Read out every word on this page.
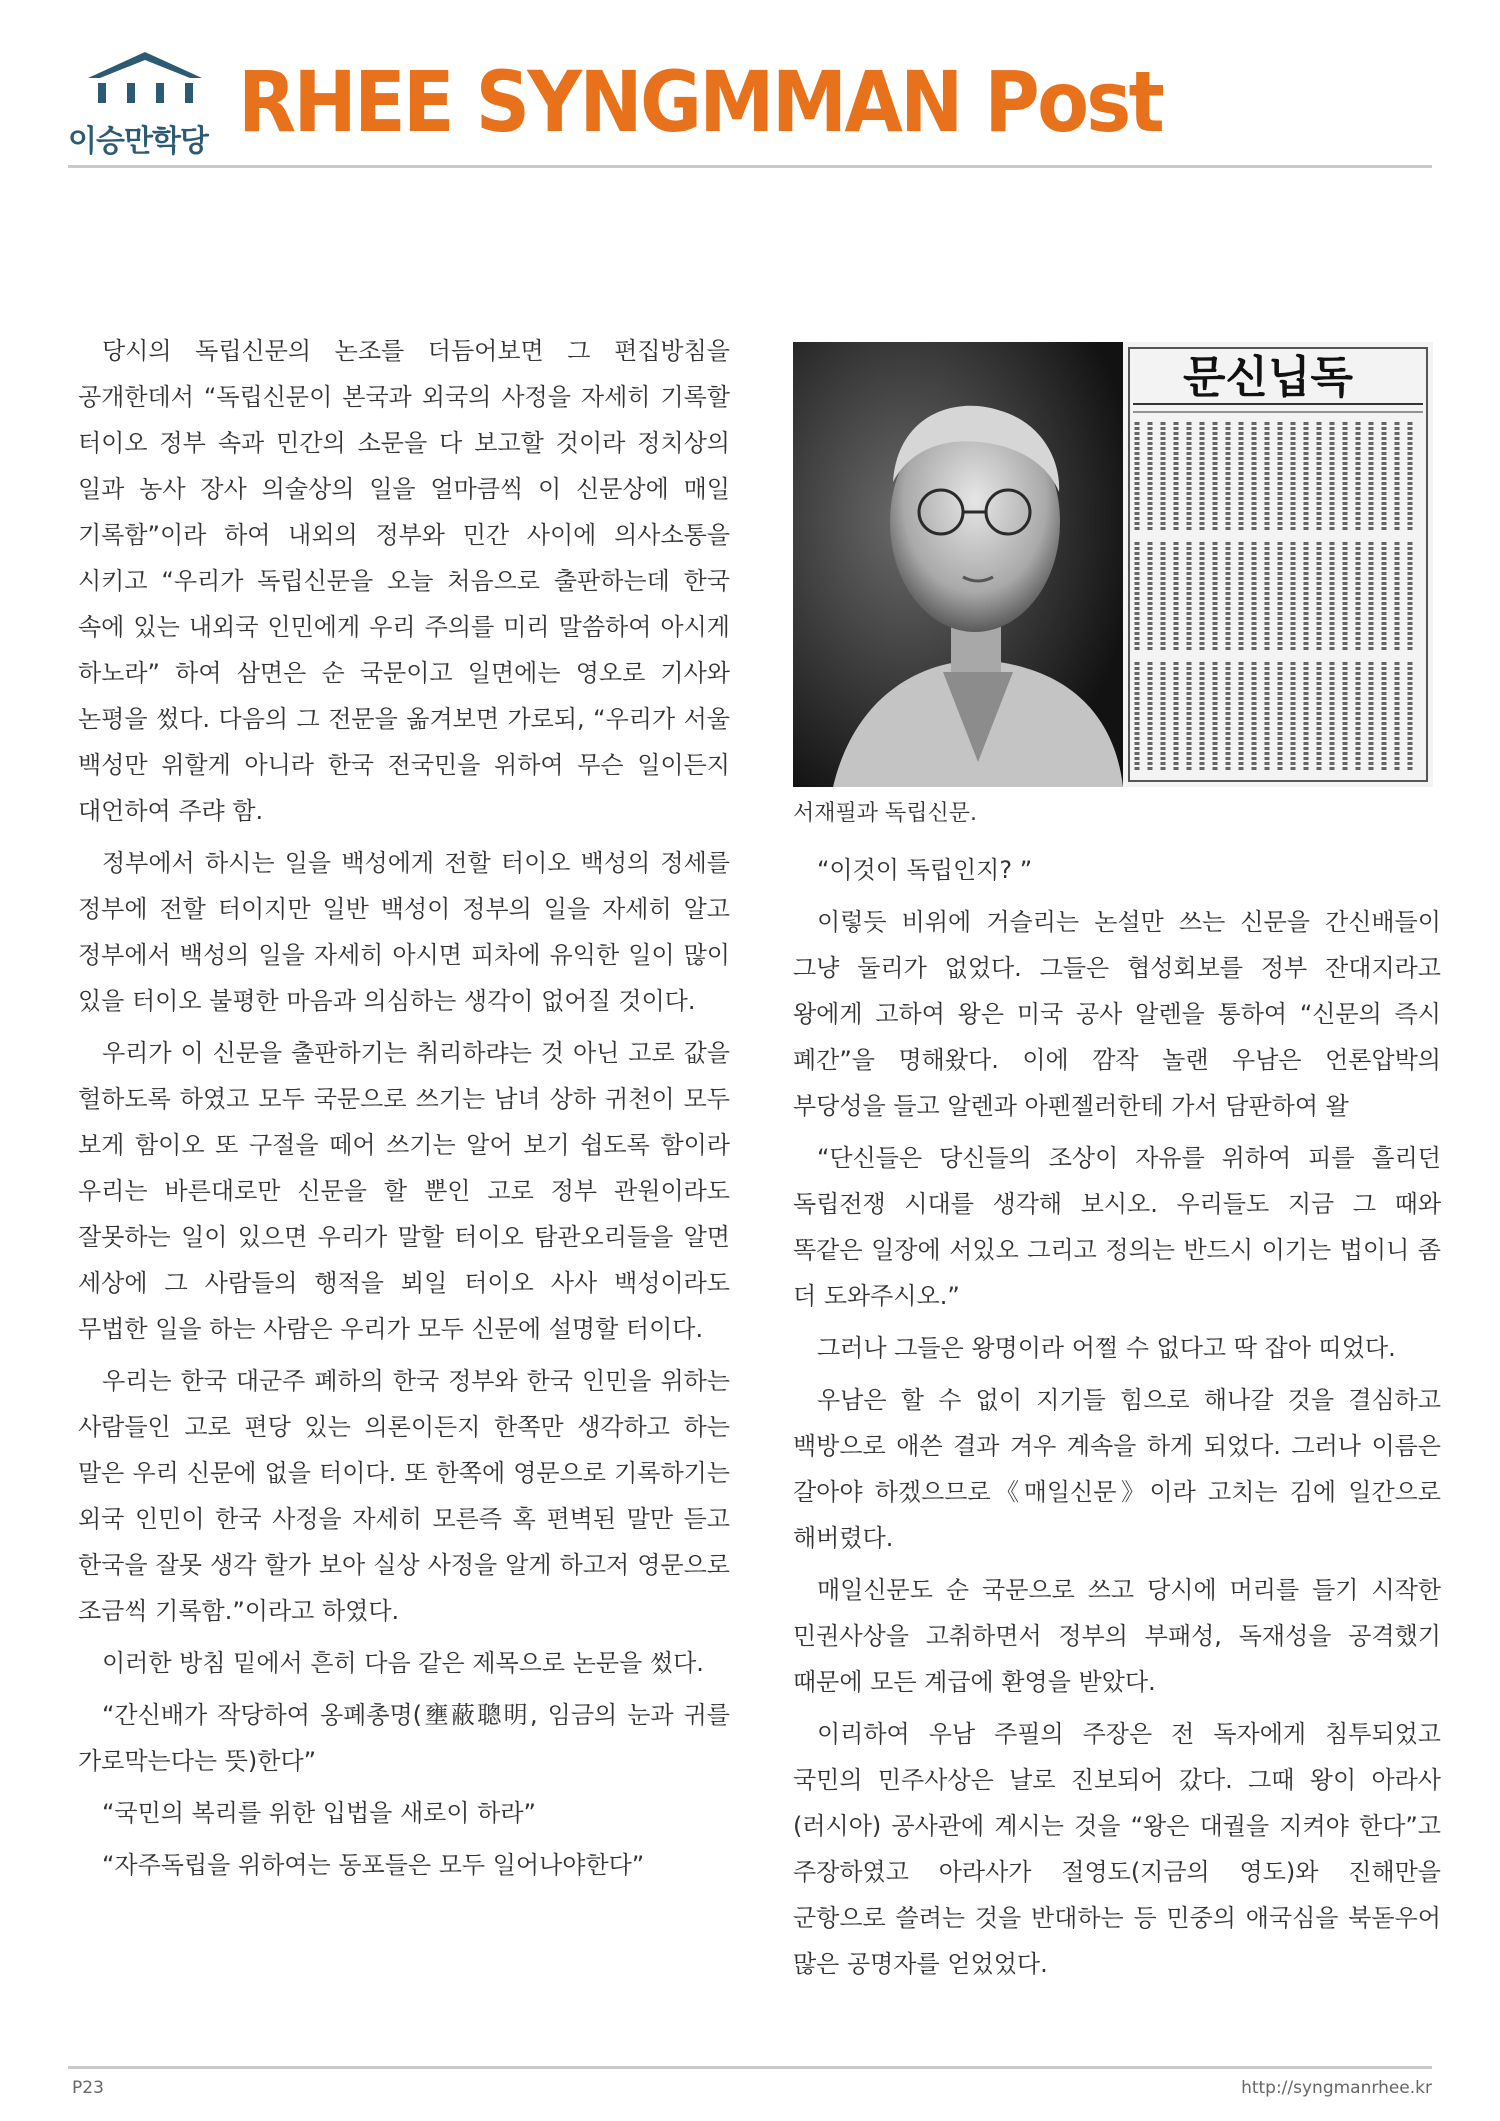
이승만학당 RHEE SYNGMMAN Post

당시의 독립신문의 논조를 더듬어보면 그 편집방침을 공개한데서 “독립신문이 본국과 외국의 사정을 자세히 기록할 터이오 정부 속과 민간의 소문을 다 보고할 것이라 정치상의 일과 농사 장사 의술상의 일을 얼마큼씩 이 신문상에 매일 기록함”이라 하여 내외의 정부와 민간 사이에 의사소통을 시키고 “우리가 독립신문을 오늘 처음으로 출판하는데 한국 속에 있는 내외국 인민에게 우리 주의를 미리 말씀하여 아시게 하노라” 하여 삼면은 순 국문이고 일면에는 영오로 기사와 논평을 썼다. 다음의 그 전문을 옮겨보면 가로되, “우리가 서울 백성만 위할게 아니라 한국 전국민을 위하여 무슨 일이든지 대언하여 주랴 함.

정부에서 하시는 일을 백성에게 전할 터이오 백성의 정세를 정부에 전할 터이지만 일반 백성이 정부의 일을 자세히 알고 정부에서 백성의 일을 자세히 아시면 피차에 유익한 일이 많이 있을 터이오 불평한 마음과 의심하는 생각이 없어질 것이다.

우리가 이 신문을 출판하기는 취리하랴는 것 아닌 고로 값을 헐하도록 하였고 모두 국문으로 쓰기는 남녀 상하 귀천이 모두 보게 함이오 또 구절을 떼어 쓰기는 알어 보기 쉽도록 함이라 우리는 바른대로만 신문을 할 뿐인 고로 정부 관원이라도 잘못하는 일이 있으면 우리가 말할 터이오 탐관오리들을 알면 세상에 그 사람들의 행적을 뵈일 터이오 사사 백성이라도 무법한 일을 하는 사람은 우리가 모두 신문에 설명할 터이다.

우리는 한국 대군주 폐하의 한국 정부와 한국 인민을 위하는 사람들인 고로 편당 있는 의론이든지 한쪽만 생각하고 하는 말은 우리 신문에 없을 터이다. 또 한쪽에 영문으로 기록하기는 외국 인민이 한국 사정을 자세히 모른즉 혹 편벽된 말만 듣고 한국을 잘못 생각 할가 보아 실상 사정을 알게 하고저 영문으로 조금씩 기록함.”이라고 하였다.

이러한 방침 밑에서 흔히 다음 같은 제목으로 논문을 썼다.

“간신배가 작당하여 옹폐총명(壅蔽聰明, 임금의 눈과 귀를 가로막는다는 뜻)한다”

“국민의 복리를 위한 입법을 새로이 하라”

“자주독립을 위하여는 동포들은 모두 일어나야한다”

문신닙독
서재필과 독립신문.

“이것이 독립인지? ”

이렇듯 비위에 거슬리는 논설만 쓰는 신문을 간신배들이 그냥 둘리가 없었다. 그들은 협성회보를 정부 잔대지라고 왕에게 고하여 왕은 미국 공사 알렌을 통하여 “신문의 즉시 폐간”을 명해왔다. 이에 깜작 놀랜 우남은 언론압박의 부당성을 들고 알렌과 아펜젤러한테 가서 담판하여 왈

“단신들은 당신들의 조상이 자유를 위하여 피를 흘리던 독립전쟁 시대를 생각해 보시오. 우리들도 지금 그 때와 똑같은 일장에 서있오 그리고 정의는 반드시 이기는 법이니 좀 더 도와주시오.”

그러나 그들은 왕명이라 어쩔 수 없다고 딱 잡아 띠었다.

우남은 할 수 없이 지기들 힘으로 해나갈 것을 결심하고 백방으로 애쓴 결과 겨우 계속을 하게 되었다. 그러나 이름은 갈아야 하겠으므로《매일신문》이라 고치는 김에 일간으로 해버렸다.

매일신문도 순 국문으로 쓰고 당시에 머리를 들기 시작한 민권사상을 고취하면서 정부의 부패성, 독재성을 공격했기 때문에 모든 계급에 환영을 받았다.

이리하여 우남 주필의 주장은 전 독자에게 침투되었고 국민의 민주사상은 날로 진보되어 갔다. 그때 왕이 아라사(러시아) 공사관에 계시는 것을 “왕은 대궐을 지켜야 한다”고 주장하였고 아라사가 절영도(지금의 영도)와 진해만을 군항으로 쓸려는 것을 반대하는 등 민중의 애국심을 북돋우어 많은 공명자를 얻었었다.

P23	http://syngmanrhee.kr
